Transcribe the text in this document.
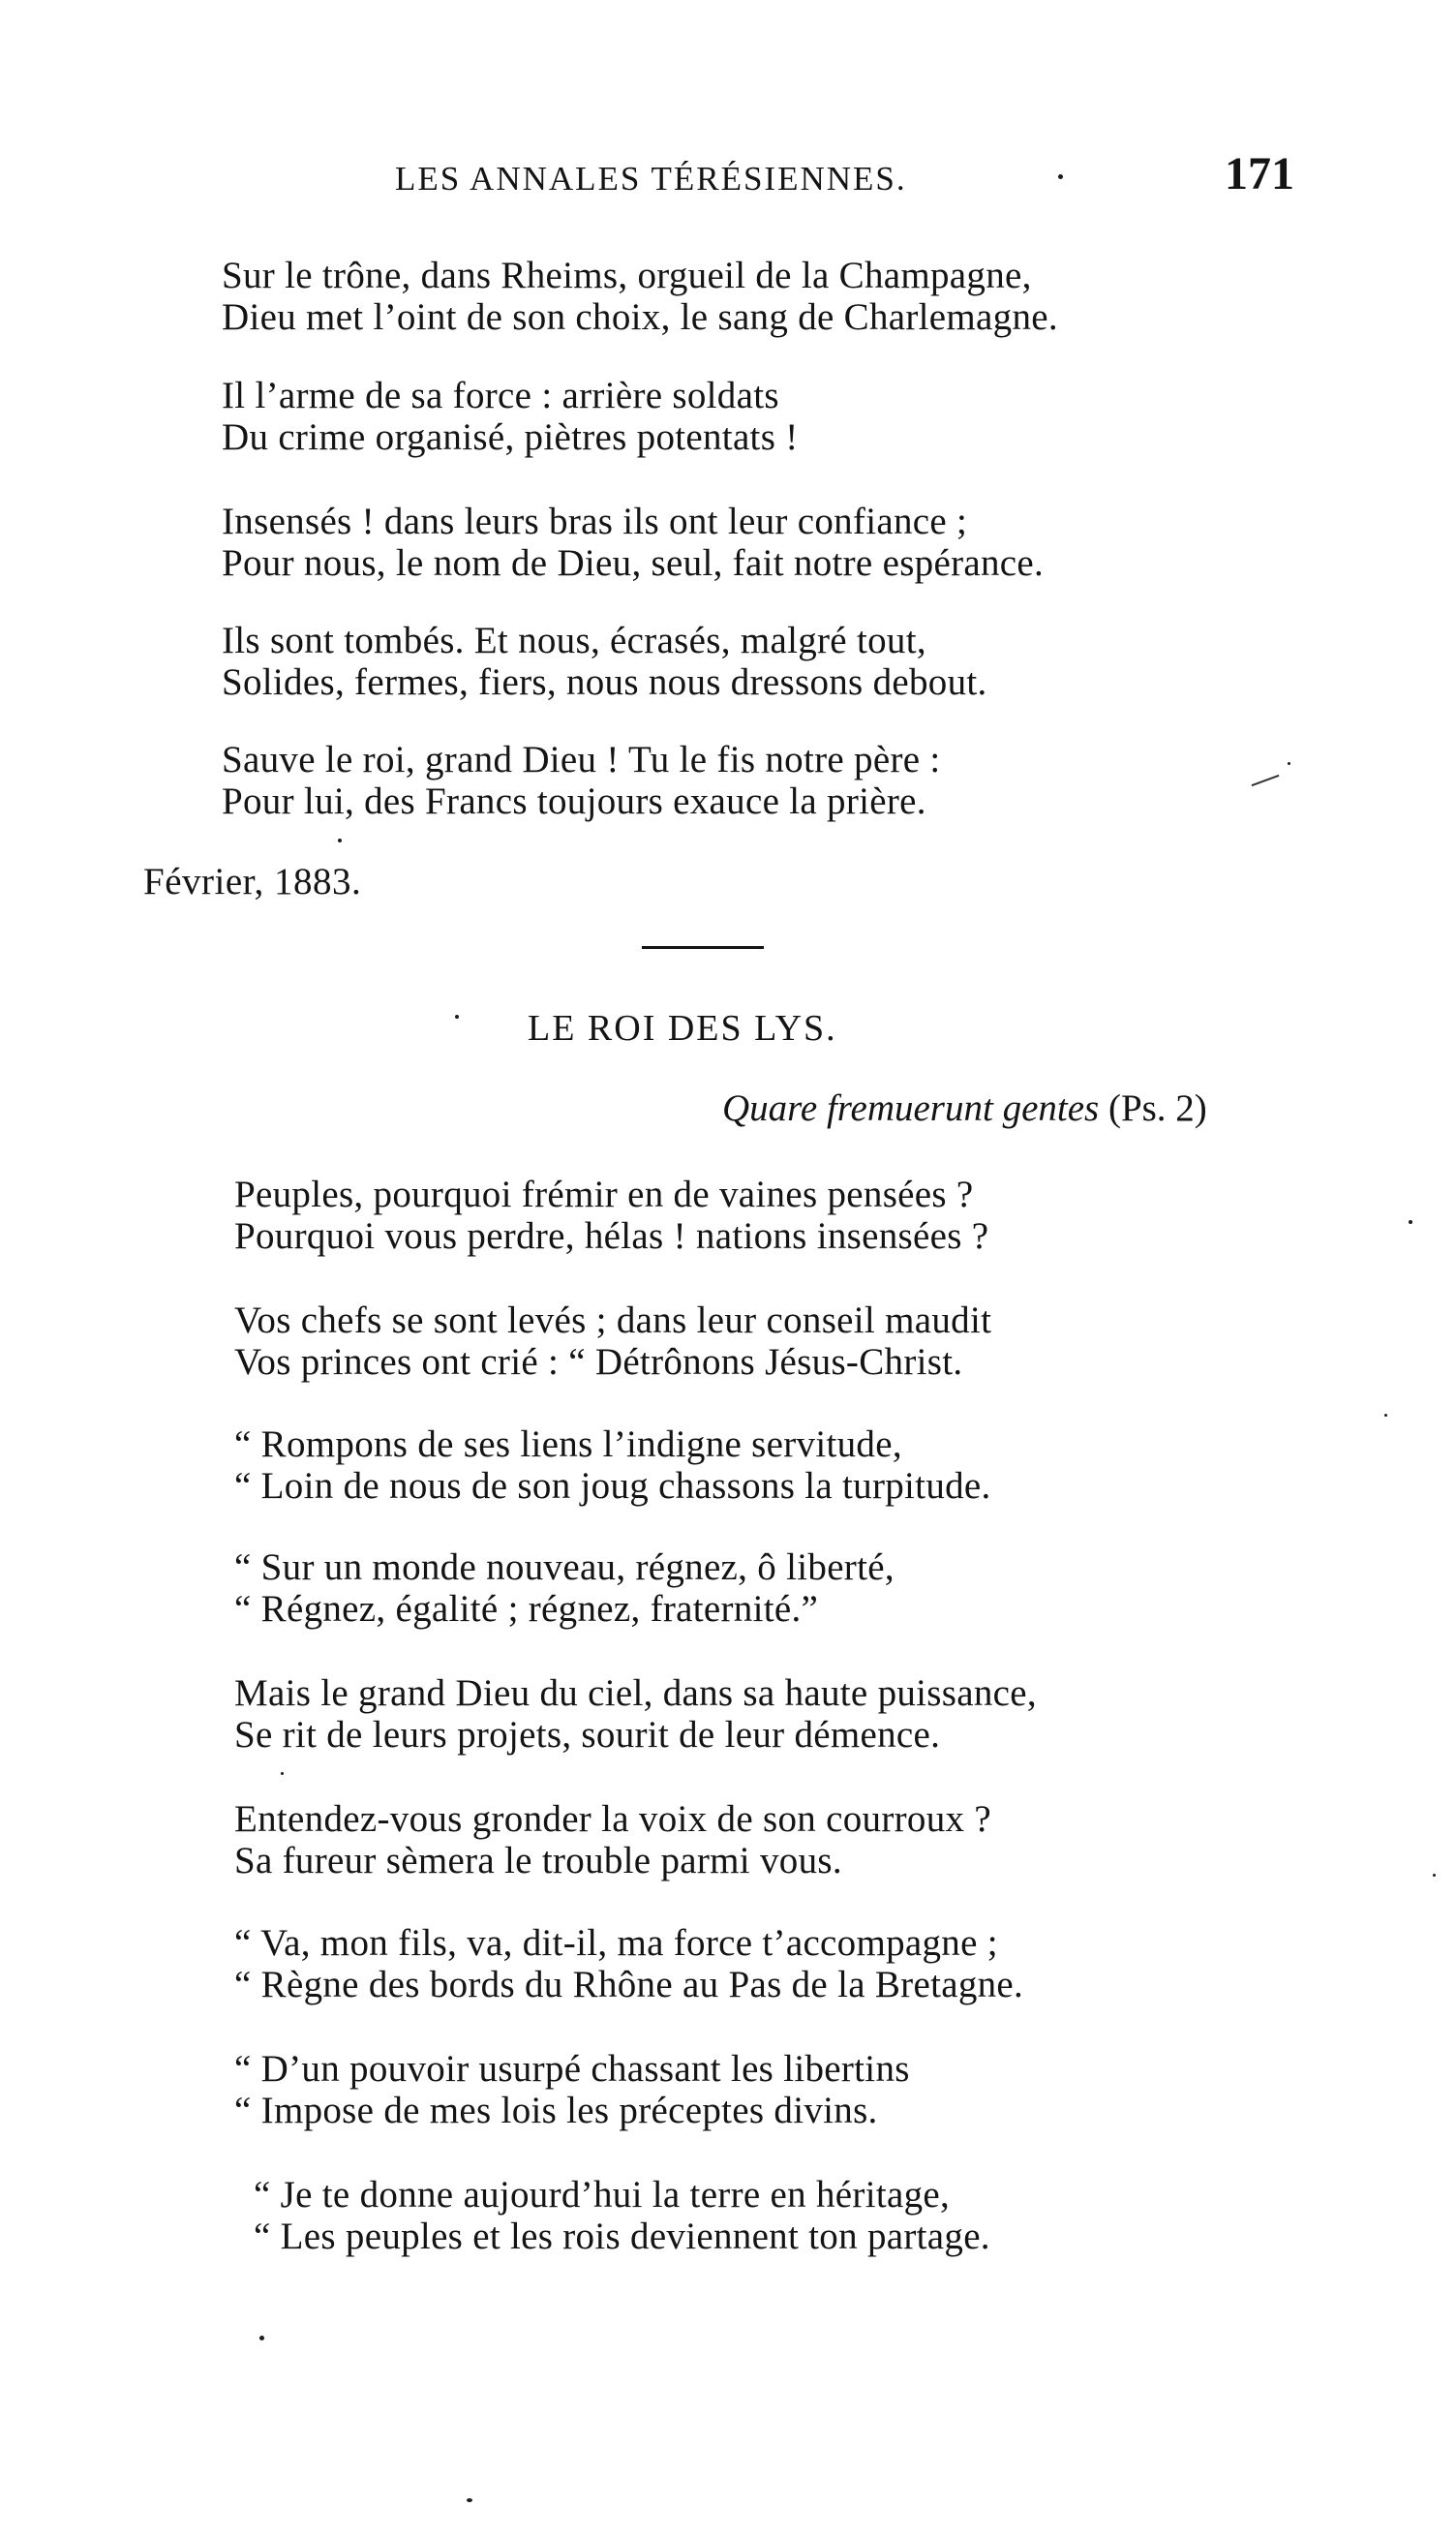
LES ANNALES TÉRÉSIENNES.	171
Sur le trône, dans Rheims, orgueil de la Champagne,
Dieu met l’oint de son choix, le sang de Charlemagne.
Il l’arme de sa force : arrière soldats
Du crime organisé, piètres potentats !
Insensés ! dans leurs bras ils ont leur confiance ;
Pour nous, le nom de Dieu, seul, fait notre espérance.
Ils sont tombés. Et nous, écrasés, malgré tout,
Solides, fermes, fiers, nous nous dressons debout.
Sauve le roi, grand Dieu ! Tu le fis notre père :
Pour lui, des Francs toujours exauce la prière.
Février, 1883.
LE ROI DES LYS.
Quare fremuerunt gentes (Ps. 2)
Peuples, pourquoi frémir en de vaines pensées ?
Pourquoi vous perdre, hélas ! nations insensées ?
Vos chefs se sont levés ; dans leur conseil maudit
Vos princes ont crié : “ Détrônons Jésus-Christ.
“ Rompons de ses liens l’indigne servitude,
“ Loin de nous de son joug chassons la turpitude.
“ Sur un monde nouveau, régnez, ô liberté,
“ Régnez, égalité ; régnez, fraternité.”
Mais le grand Dieu du ciel, dans sa haute puissance,
Se rit de leurs projets, sourit de leur démence.
Entendez-vous gronder la voix de son courroux ?
Sa fureur sèmera le trouble parmi vous.
“ Va, mon fils, va, dit-il, ma force t’accompagne ;
“ Règne des bords du Rhône au Pas de la Bretagne.
“ D’un pouvoir usurpé chassant les libertins
“ Impose de mes lois les préceptes divins.
“ Je te donne aujourd’hui la terre en héritage,
“ Les peuples et les rois deviennent ton partage.
